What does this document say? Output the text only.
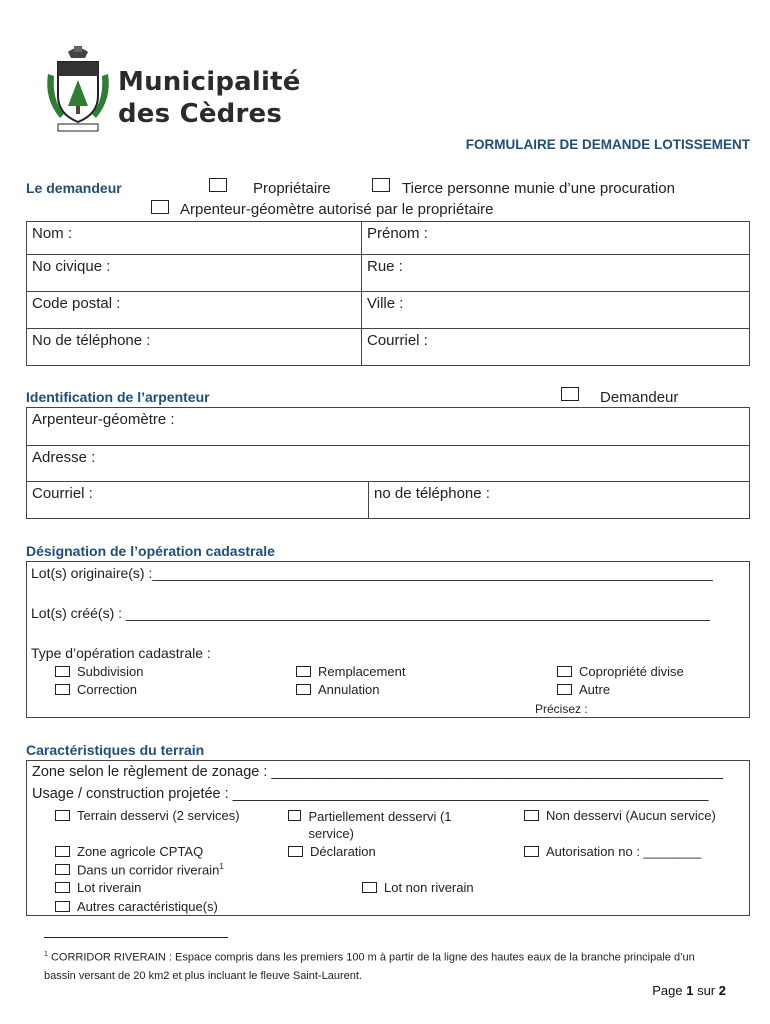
Municipalité
des Cèdres
FORMULAIRE DE DEMANDE LOTISSEMENT
Le demandeur	Propriétaire	Tierce personne munie d’une procuration
Arpenteur-géomètre autorisé par le propriétaire
Nom :	Prénom :
No civique :	Rue :
Code postal :	Ville :
No de téléphone :	Courriel :
Identification de l’arpenteur	Demandeur
Arpenteur-géomètre :
Adresse :
Courriel :	no de téléphone :
Désignation de l’opération cadastrale
Lot(s) originaire(s) :________________________________________________________________________
Lot(s) créé(s) : ___________________________________________________________________________
Type d’opération cadastrale :
Subdivision
Correction
Remplacement
Annulation
Copropriété divise
Autre
Précisez :
Caractéristiques du terrain
Zone selon le règlement de zonage : ________________________________________________________
Usage / construction projetée : ___________________________________________________________
Terrain desservi (2 services)	Partiellement desservi (1 service)
Non desservi (Aucun service)
Zone agricole CPTAQ	Déclaration	Autorisation no : ________
Dans un corridor riverain$^1$
Lot riverain	Lot non riverain
Autres caractéristique(s)
$^1$ CORRIDOR RIVERAIN : Espace compris dans les premiers 100 m à partir de la ligne des hautes eaux de la branche principale d’un bassin versant de 20 km2 et plus incluant le fleuve Saint-Laurent.
Page 1 sur 2
